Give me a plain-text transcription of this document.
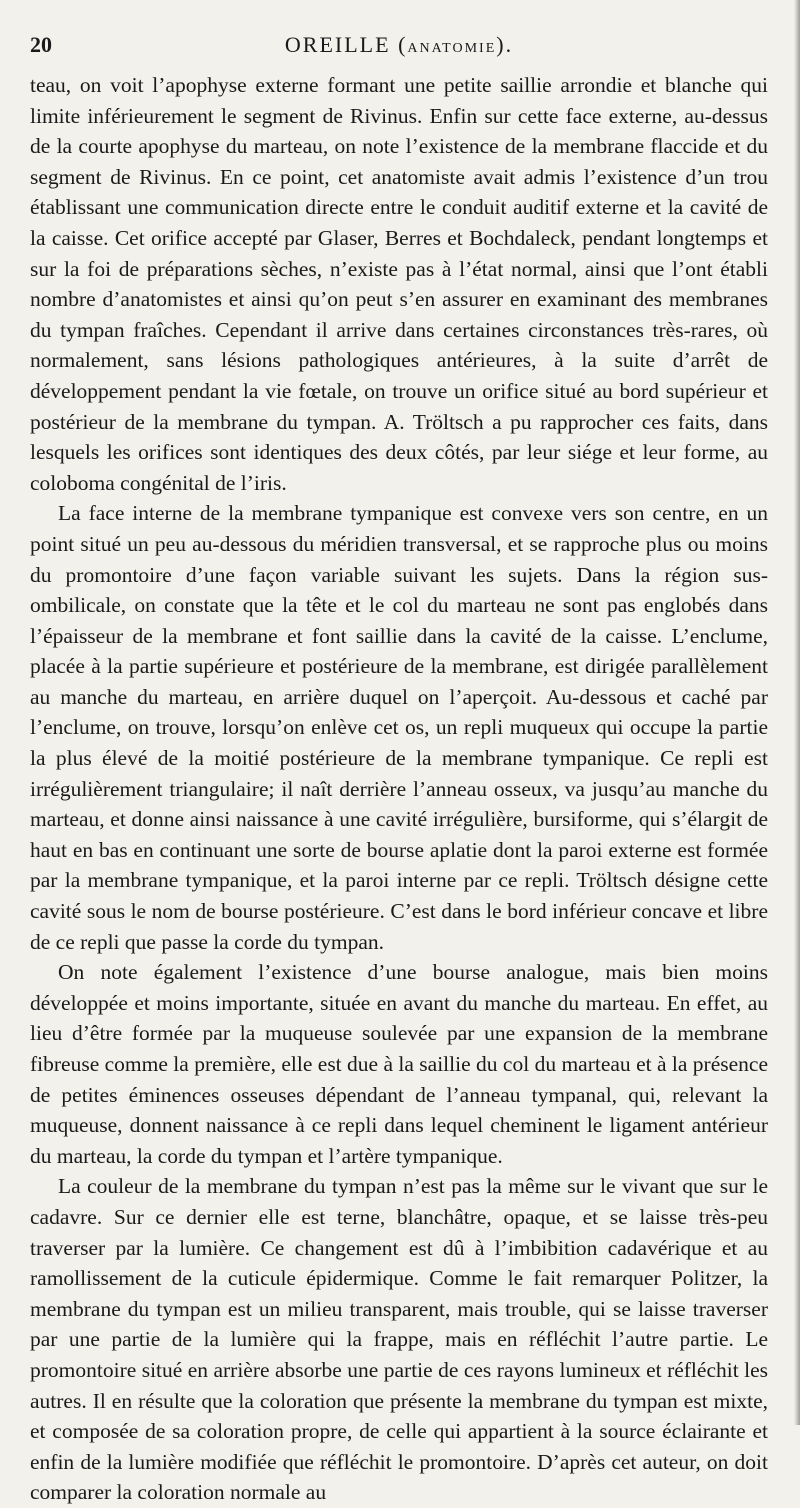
20	OREILLE (ANATOMIE).

teau, on voit l’apophyse externe formant une petite saillie arrondie et blanche qui limite inférieurement le segment de Rivinus. Enfin sur cette face externe, au-dessus de la courte apophyse du marteau, on note l’existence de la membrane flaccide et du segment de Rivinus. En ce point, cet anatomiste avait admis l’existence d’un trou établissant une communication directe entre le conduit auditif externe et la cavité de la caisse. Cet orifice accepté par Glaser, Berres et Bochdaleck, pendant longtemps et sur la foi de préparations sèches, n’existe pas à l’état normal, ainsi que l’ont établi nombre d’anatomistes et ainsi qu’on peut s’en assurer en examinant des membranes du tympan fraîches. Cependant il arrive dans certaines circonstances très-rares, où normalement, sans lésions pathologiques antérieures, à la suite d’arrêt de développement pendant la vie fœtale, on trouve un orifice situé au bord supérieur et postérieur de la membrane du tympan. A. Tröltsch a pu rapprocher ces faits, dans lesquels les orifices sont identiques des deux côtés, par leur siége et leur forme, au coloboma congénital de l’iris.

La face interne de la membrane tympanique est convexe vers son centre, en un point situé un peu au-dessous du méridien transversal, et se rapproche plus ou moins du promontoire d’une façon variable suivant les sujets. Dans la région sus-ombilicale, on constate que la tête et le col du marteau ne sont pas englobés dans l’épaisseur de la membrane et font saillie dans la cavité de la caisse. L’enclume, placée à la partie supérieure et postérieure de la membrane, est dirigée parallèlement au manche du marteau, en arrière duquel on l’aperçoit. Au-dessous et caché par l’enclume, on trouve, lorsqu’on enlève cet os, un repli muqueux qui occupe la partie la plus élevé de la moitié postérieure de la membrane tympanique. Ce repli est irrégulièrement triangulaire; il naît derrière l’anneau osseux, va jusqu’au manche du marteau, et donne ainsi naissance à une cavité irrégulière, bursiforme, qui s’élargit de haut en bas en continuant une sorte de bourse aplatie dont la paroi externe est formée par la membrane tympanique, et la paroi interne par ce repli. Tröltsch désigne cette cavité sous le nom de bourse postérieure. C’est dans le bord inférieur concave et libre de ce repli que passe la corde du tympan.

On note également l’existence d’une bourse analogue, mais bien moins développée et moins importante, située en avant du manche du marteau. En effet, au lieu d’être formée par la muqueuse soulevée par une expansion de la membrane fibreuse comme la première, elle est due à la saillie du col du marteau et à la présence de petites éminences osseuses dépendant de l’anneau tympanal, qui, relevant la muqueuse, donnent naissance à ce repli dans lequel cheminent le ligament antérieur du marteau, la corde du tympan et l’artère tympanique.

La couleur de la membrane du tympan n’est pas la même sur le vivant que sur le cadavre. Sur ce dernier elle est terne, blanchâtre, opaque, et se laisse très-peu traverser par la lumière. Ce changement est dû à l’imbibition cadavérique et au ramollissement de la cuticule épidermique. Comme le fait remarquer Politzer, la membrane du tympan est un milieu transparent, mais trouble, qui se laisse traverser par une partie de la lumière qui la frappe, mais en réfléchit l’autre partie. Le promontoire situé en arrière absorbe une partie de ces rayons lumineux et réfléchit les autres. Il en résulte que la coloration que présente la membrane du tympan est mixte, et composée de sa coloration propre, de celle qui appartient à la source éclairante et enfin de la lumière modifiée que réfléchit le promontoire. D’après cet auteur, on doit comparer la coloration normale au
